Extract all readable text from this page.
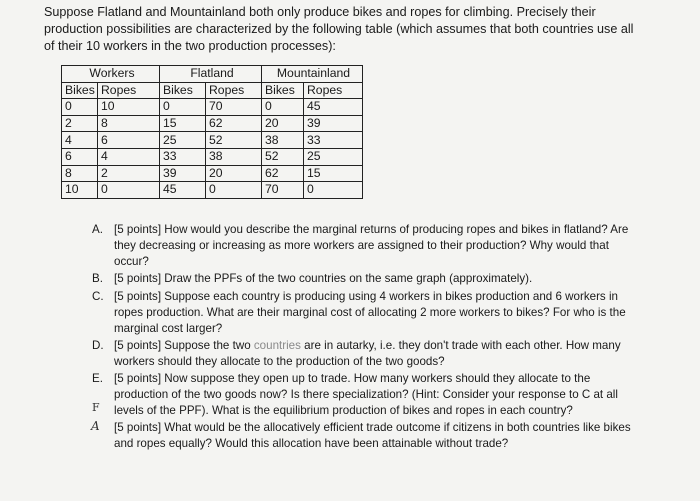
Suppose Flatland and Mountainland both only produce bikes and ropes for climbing. Precisely their production possibilities are characterized by the following table (which assumes that both countries use all of their 10 workers in the two production processes):
Workers		Flatland		Mountainland	
Bikes	Ropes	Bikes	Ropes	Bikes	Ropes
0	10	0	70	0	45
2	8	15	62	20	39
4	6	25	52	38	33
6	4	33	38	52	25
8	2	39	20	62	15
10	0	45	0	70	0
A. [5 points] How would you describe the marginal returns of producing ropes and bikes in flatland? Are they decreasing or increasing as more workers are assigned to their production? Why would that occur?
B. [5 points] Draw the PPFs of the two countries on the same graph (approximately).
C. [5 points] Suppose each country is producing using 4 workers in bikes production and 6 workers in ropes production. What are their marginal cost of allocating 2 more workers to bikes? For who is the marginal cost larger?
D. [5 points] Suppose the two countries are in autarky, i.e. they don't trade with each other. How many workers should they allocate to the production of the two goods?
E. [5 points] Now suppose they open up to trade. How many workers should they allocate to the production of the two goods now? Is there specialization? (Hint: Consider your response to C at all levels of the PPF). What is the equilibrium production of bikes and ropes in each country?
[5 points] What would be the allocatively efficient trade outcome if citizens in both countries like bikes and ropes equally? Would this allocation have been attainable without trade?
F
A
